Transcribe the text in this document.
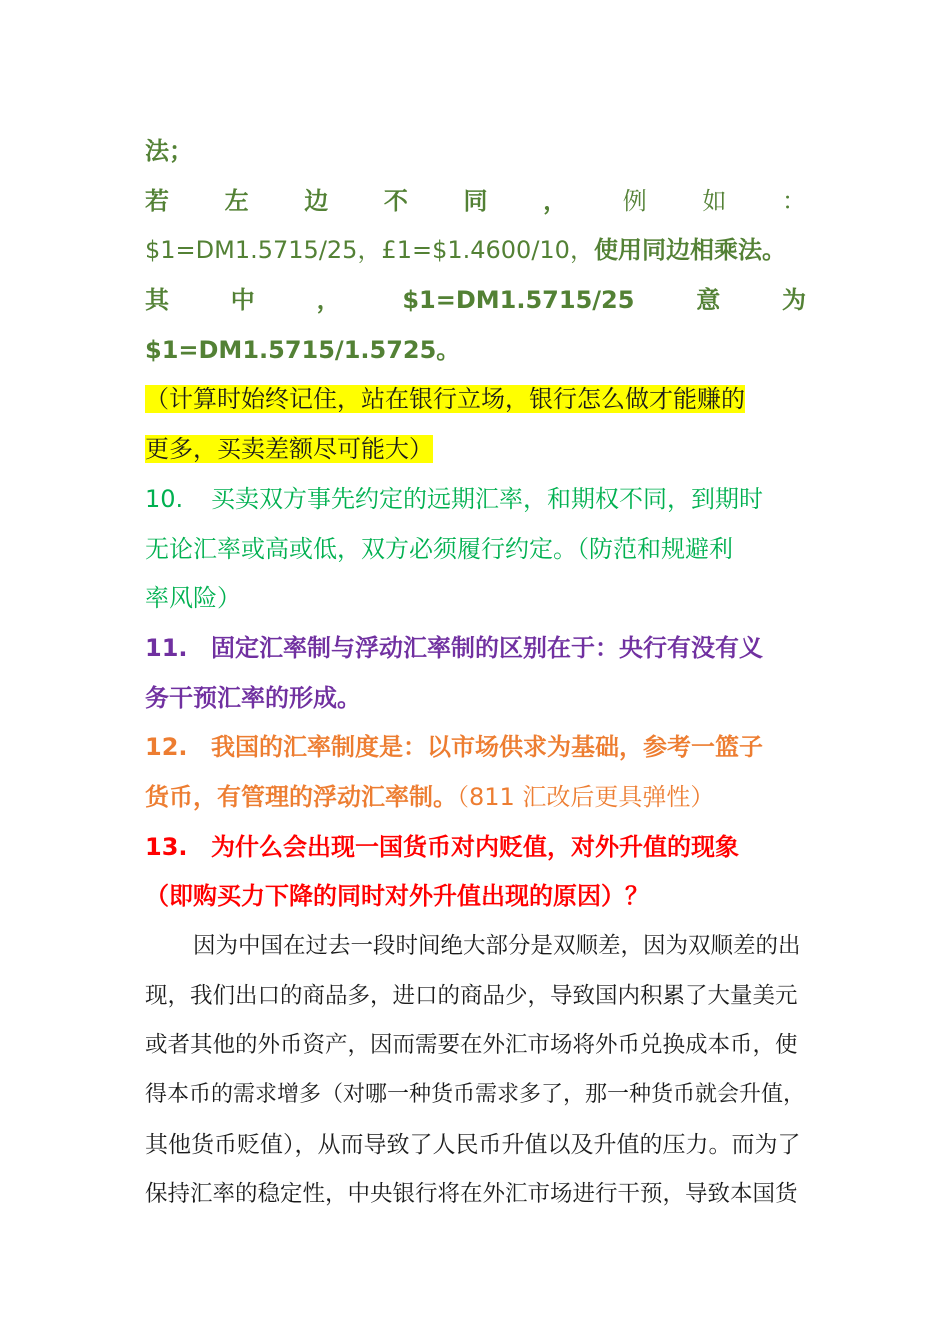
法；
若 左 边 不 同 ， 例 如 ：
$1=DM1.5715/25，£1=$1.4600/10，使用同边相乘法。
其	中	，	$1=DM1.5715/25	意	为
$1=DM1.5715/1.5725。
（计算时始终记住，站在银行立场，银行怎么做才能赚的
更多，买卖差额尽可能大）
10. 买卖双方事先约定的远期汇率，和期权不同，到期时
无论汇率或高或低，双方必须履行约定。（防范和规避利
率风险）
11. 固定汇率制与浮动汇率制的区别在于：央行有没有义
务干预汇率的形成。
12. 我国的汇率制度是：以市场供求为基础，参考一篮子
货币，有管理的浮动汇率制。（811 汇改后更具弹性）
13. 为什么会出现一国货币对内贬值，对外升值的现象
（即购买力下降的同时对外升值出现的原因）？
因为中国在过去一段时间绝大部分是双顺差，因为双顺差的出
现，我们出口的商品多，进口的商品少，导致国内积累了大量美元
或者其他的外币资产，因而需要在外汇市场将外币兑换成本币，使
得本币的需求增多（对哪一种货币需求多了，那一种货币就会升值，
其他货币贬值），从而导致了人民币升值以及升值的压力。而为了
保持汇率的稳定性，中央银行将在外汇市场进行干预，导致本国货
